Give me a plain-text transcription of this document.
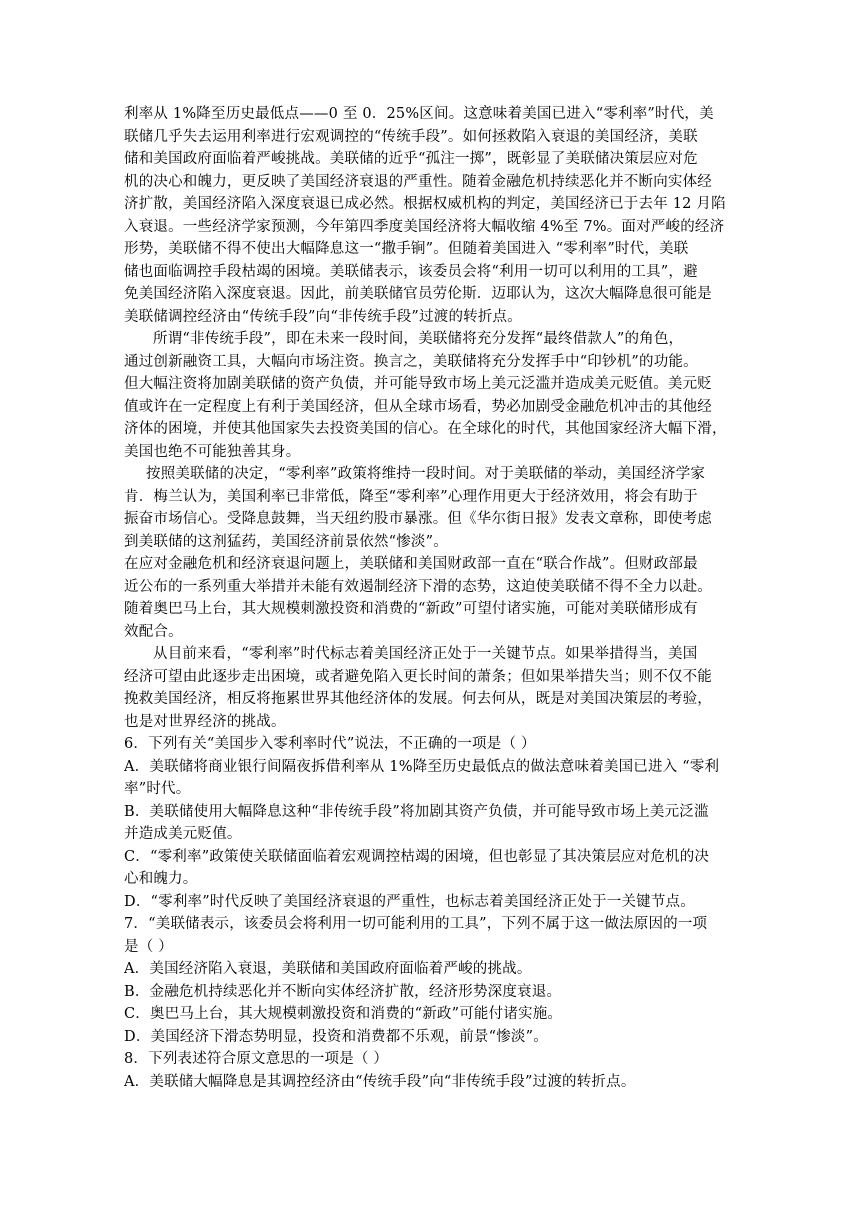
利率从 1%降至历史最低点——0 至 0．25%区间。这意味着美国已进入“零利率”时代，美
联储几乎失去运用利率进行宏观调控的“传统手段”。如何拯救陷入衰退的美国经济，美联
储和美国政府面临着严峻挑战。美联储的近乎“孤注一掷”，既彰显了美联储决策层应对危
机的决心和魄力，更反映了美国经济衰退的严重性。随着金融危机持续恶化并不断向实体经
济扩散，美国经济陷入深度衰退已成必然。根据权威机构的判定，美国经济已于去年 12 月陷
入衰退。一些经济学家预测，今年第四季度美国经济将大幅收缩 4%至 7%。面对严峻的经济
形势，美联储不得不使出大幅降息这一“撒手锏”。但随着美国进入 “零利率”时代，美联
储也面临调控手段枯竭的困境。美联储表示，该委员会将“利用一切可以利用的工具”，避
免美国经济陷入深度衰退。因此，前美联储官员劳伦斯．迈耶认为，这次大幅降息很可能是
美联储调控经济由“传统手段”向“非传统手段”过渡的转折点。
所谓“非传统手段”，即在未来一段时间，美联储将充分发挥“最终借款人”的角色，
通过创新融资工具，大幅向市场注资。换言之，美联储将充分发挥手中“印钞机”的功能。
但大幅注资将加剧美联储的资产负债，并可能导致市场上美元泛滥并造成美元贬值。美元贬
值或许在一定程度上有利于美国经济，但从全球市场看，势必加剧受金融危机冲击的其他经
济体的困境，并使其他国家失去投资美国的信心。在全球化的时代，其他国家经济大幅下滑，
美国也绝不可能独善其身。
按照美联储的决定，“零利率”政策将维持一段时间。对于美联储的举动，美国经济学家
肯．梅兰认为，美国利率已非常低，降至“零利率”心理作用更大于经济效用，将会有助于
振奋市场信心。受降息鼓舞，当天纽约股市暴涨。但《华尔街日报》发表文章称，即使考虑
到美联储的这剂猛药，美国经济前景依然“惨淡”。
在应对金融危机和经济衰退问题上，美联储和美国财政部一直在“联合作战”。但财政部最
近公布的一系列重大举措并未能有效遏制经济下滑的态势，这迫使美联储不得不全力以赴。
随着奥巴马上台，其大规模刺激投资和消费的“新政”可望付诸实施，可能对美联储形成有
效配合。
从目前来看，“零利率”时代标志着美国经济正处于一关键节点。如果举措得当，美国
经济可望由此逐步走出困境，或者避免陷入更长时间的萧条；但如果举措失当；则不仅不能
挽救美国经济，相反将拖累世界其他经济体的发展。何去何从，既是对美国决策层的考验，
也是对世界经济的挑战。
6．下列有关“美国步入零利率时代”说法，不正确的一项是（ ）
A．美联储将商业银行间隔夜拆借利率从 1%降至历史最低点的做法意味着美国已进入 “零利
率”时代。
B．美联储使用大幅降息这种“非传统手段”将加剧其资产负债，并可能导致市场上美元泛滥
并造成美元贬值。
C．“零利率”政策使关联储面临着宏观调控枯竭的困境，但也彰显了其决策层应对危机的决
心和魄力。
D．“零利率”时代反映了美国经济衰退的严重性，也标志着美国经济正处于一关键节点。
7．“美联储表示，该委员会将利用一切可能利用的工具”，下列不属于这一做法原因的一项
是（ ）
A．美国经济陷入衰退，美联储和美国政府面临着严峻的挑战。
B．金融危机持续恶化并不断向实体经济扩散，经济形势深度衰退。
C．奥巴马上台，其大规模刺激投资和消费的“新政”可能付诸实施。
D．美国经济下滑态势明显，投资和消费都不乐观，前景“惨淡”。
8．下列表述符合原文意思的一项是（ ）
A．美联储大幅降息是其调控经济由“传统手段”向“非传统手段”过渡的转折点。
